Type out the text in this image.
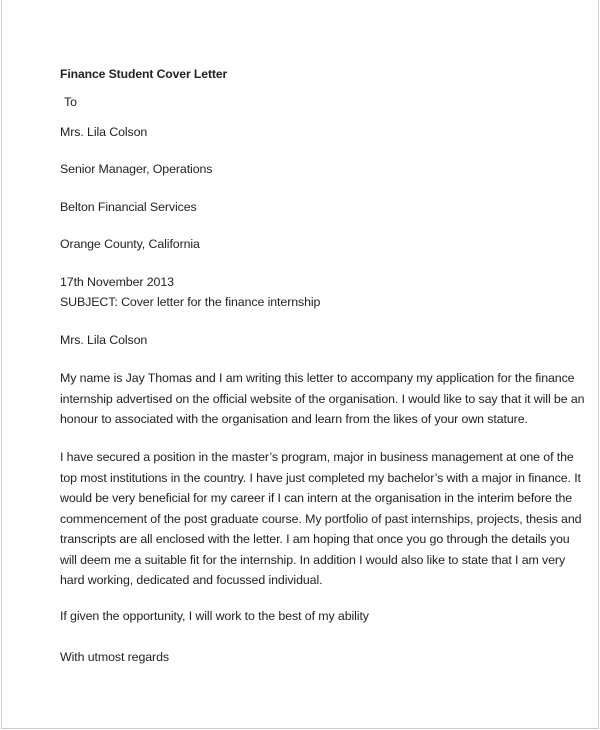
Finance Student Cover Letter
To
Mrs. Lila Colson
Senior Manager, Operations
Belton Financial Services
Orange County, California
17th November 2013
SUBJECT: Cover letter for the finance internship
Mrs. Lila Colson
My name is Jay Thomas and I am writing this letter to accompany my application for the finance
internship advertised on the official website of the organisation. I would like to say that it will be an
honour to associated with the organisation and learn from the likes of your own stature.
I have secured a position in the master’s program, major in business management at one of the
top most institutions in the country. I have just completed my bachelor’s with a major in finance. It
would be very beneficial for my career if I can intern at the organisation in the interim before the
commencement of the post graduate course. My portfolio of past internships, projects, thesis and
transcripts are all enclosed with the letter. I am hoping that once you go through the details you
will deem me a suitable fit for the internship. In addition I would also like to state that I am very
hard working, dedicated and focussed individual.
If given the opportunity, I will work to the best of my ability
With utmost regards
